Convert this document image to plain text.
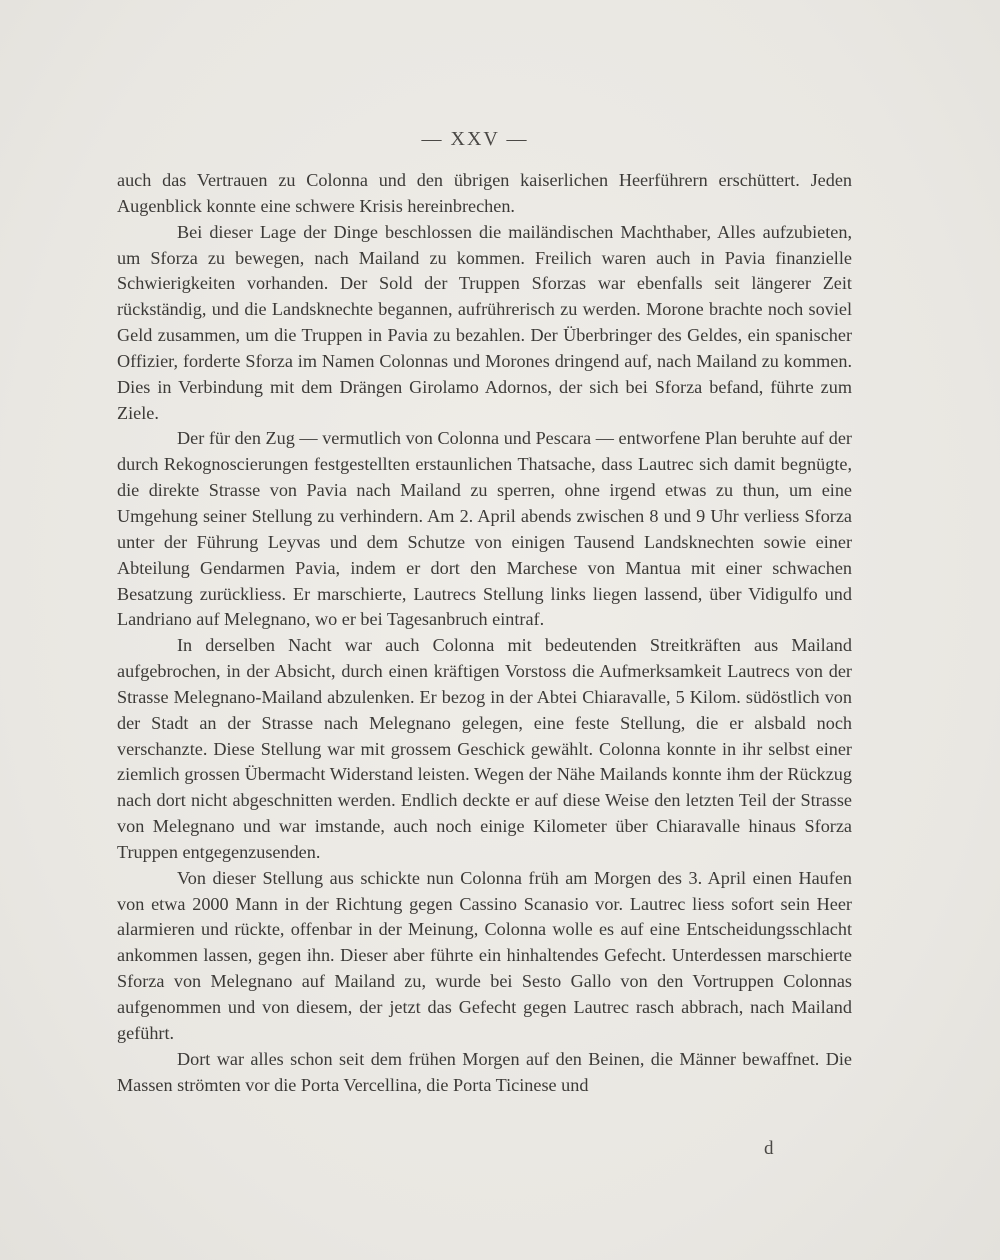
— XXV —

auch das Vertrauen zu Colonna und den übrigen kaiserlichen Heerführern erschüttert. Jeden Augenblick konnte eine schwere Krisis hereinbrechen.

Bei dieser Lage der Dinge beschlossen die mailändischen Machthaber, Alles aufzubieten, um Sforza zu bewegen, nach Mailand zu kommen. Freilich waren auch in Pavia finanzielle Schwierigkeiten vorhanden. Der Sold der Truppen Sforzas war ebenfalls seit längerer Zeit rückständig, und die Landsknechte begannen, aufrührerisch zu werden. Morone brachte noch soviel Geld zusammen, um die Truppen in Pavia zu bezahlen. Der Überbringer des Geldes, ein spanischer Offizier, forderte Sforza im Namen Colonnas und Morones dringend auf, nach Mailand zu kommen. Dies in Verbindung mit dem Drängen Girolamo Adornos, der sich bei Sforza befand, führte zum Ziele.

Der für den Zug — vermutlich von Colonna und Pescara — entworfene Plan beruhte auf der durch Rekognoscierungen festgestellten erstaunlichen Thatsache, dass Lautrec sich damit begnügte, die direkte Strasse von Pavia nach Mailand zu sperren, ohne irgend etwas zu thun, um eine Umgehung seiner Stellung zu verhindern. Am 2. April abends zwischen 8 und 9 Uhr verliess Sforza unter der Führung Leyvas und dem Schutze von einigen Tausend Landsknechten sowie einer Abteilung Gendarmen Pavia, indem er dort den Marchese von Mantua mit einer schwachen Besatzung zurückliess. Er marschierte, Lautrecs Stellung links liegen lassend, über Vidigulfo und Landriano auf Melegnano, wo er bei Tagesanbruch eintraf.

In derselben Nacht war auch Colonna mit bedeutenden Streitkräften aus Mailand aufgebrochen, in der Absicht, durch einen kräftigen Vorstoss die Aufmerksamkeit Lautrecs von der Strasse Melegnano-Mailand abzulenken. Er bezog in der Abtei Chiaravalle, 5 Kilom. südöstlich von der Stadt an der Strasse nach Melegnano gelegen, eine feste Stellung, die er alsbald noch verschanzte. Diese Stellung war mit grossem Geschick gewählt. Colonna konnte in ihr selbst einer ziemlich grossen Übermacht Widerstand leisten. Wegen der Nähe Mailands konnte ihm der Rückzug nach dort nicht abgeschnitten werden. Endlich deckte er auf diese Weise den letzten Teil der Strasse von Melegnano und war imstande, auch noch einige Kilometer über Chiaravalle hinaus Sforza Truppen entgegenzusenden.

Von dieser Stellung aus schickte nun Colonna früh am Morgen des 3. April einen Haufen von etwa 2000 Mann in der Richtung gegen Cassino Scanasio vor. Lautrec liess sofort sein Heer alarmieren und rückte, offenbar in der Meinung, Colonna wolle es auf eine Entscheidungsschlacht ankommen lassen, gegen ihn. Dieser aber führte ein hinhaltendes Gefecht. Unterdessen marschierte Sforza von Melegnano auf Mailand zu, wurde bei Sesto Gallo von den Vortruppen Colonnas aufgenommen und von diesem, der jetzt das Gefecht gegen Lautrec rasch abbrach, nach Mailand geführt.

Dort war alles schon seit dem frühen Morgen auf den Beinen, die Männer bewaffnet. Die Massen strömten vor die Porta Vercellina, die Porta Ticinese und

d
